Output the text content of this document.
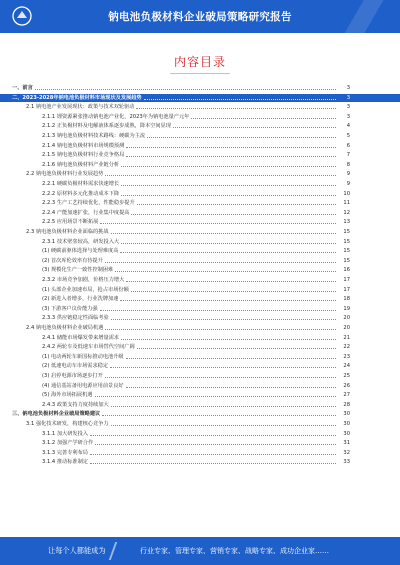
钠电池负极材料企业破局策略研究报告
内容目录
一、前言	3
二、2023-2028年钠电池负极材料市场现状及发展趋势	3
2.1 钠电池产业发展现状：政策与技术双轮驱动	3
2.1.1 锂资源紧张推动钠电池产业化，2023年为钠电池量产元年	3
2.1.2 正负极材料及电解液体系逐步成熟，降本空间显现	4
2.1.3 钠电池负极材料技术路线：硬碳为主流	5
2.1.4 钠电池负极材料市场规模预测	6
2.1.5 钠电池负极材料行业竞争格局	7
2.1.6 钠电池负极材料产业链分析	8
2.2 钠电池负极材料行业发展趋势	9
2.2.1 硬碳负极材料需求快速增长	9
2.2.2 原材料多元化推动成本下降	10
2.2.3 生产工艺持续优化，性能稳步提升	11
2.2.4 产能加速扩张，行业集中度提高	12
2.2.5 应用场景不断拓展	13
2.3 钠电池负极材料企业面临的挑战	15
2.3.1 技术壁垒较高，研发投入大	15
(1) 硬碳前驱体选择与处理难度高	15
(2) 首次库伦效率有待提升	15
(3) 规模化生产一致性控制困难	16
2.3.2 市场竞争加剧，价格压力增大	17
(1) 头部企业加速布局，抢占市场份额	17
(2) 新进入者增多，行业洗牌加速	18
(3) 下游客户议价能力强	19
2.3.3 供应链稳定性面临考验	20
2.4 钠电池负极材料企业破局机遇	20
2.4.1 储能市场爆发带来增量需求	21
2.4.2 两轮车及低速车市场替代空间广阔	22
(1) 电动两轮车新国标推动电池升级	23
(2) 低速电动车市场需求稳定	24
(3) 启停电源市场逐步打开	25
(4) 通信基站备用电源应用前景良好	26
(5) 海外市场拓展机遇	27
2.4.3 政策支持力度持续加大	28
三、钠电池负极材料企业破局策略建议	30
3.1 强化技术研发，构建核心竞争力	30
3.1.1 加大研发投入	30
3.1.2 加强产学研合作	31
3.1.3 完善专利布局	32
3.1.4 推动标准制定	33
让每个人都能成为	行业专家、管理专家、营销专家、战略专家、成功企业家……
